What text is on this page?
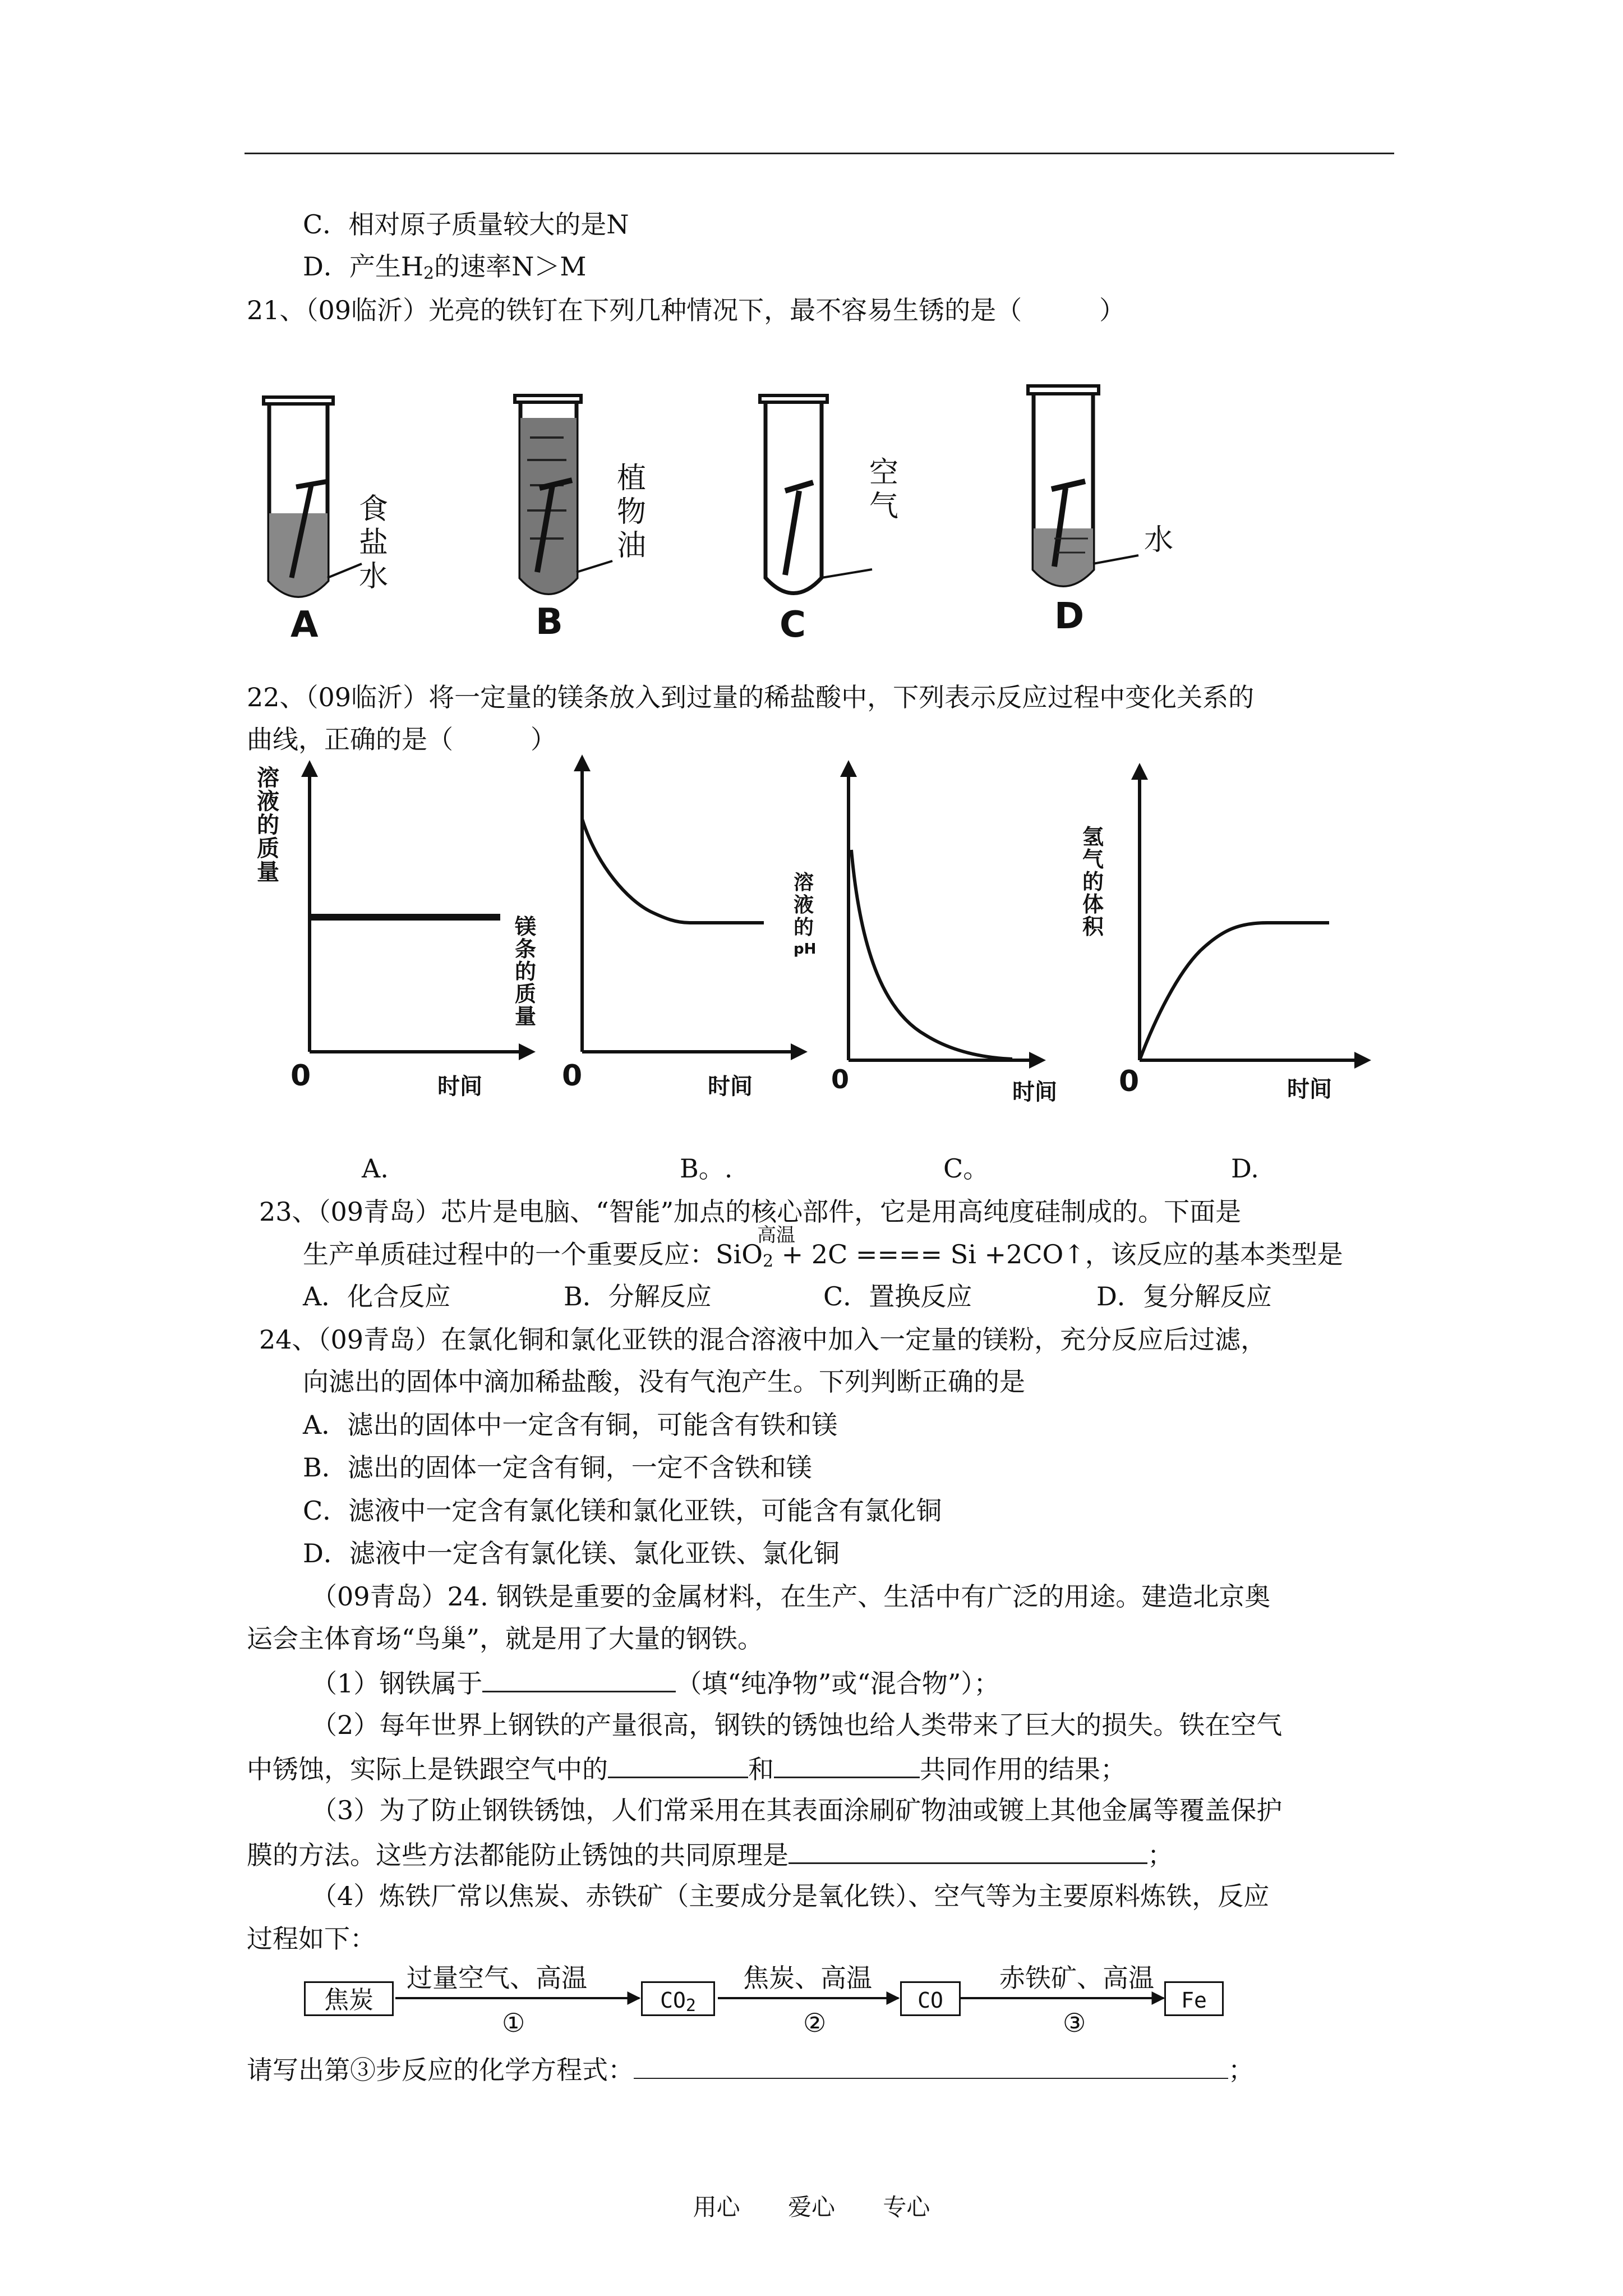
C．相对原子质量较大的是N
D．产生$H_2$的速率N＞M
21、（09临沂）光亮的铁钉在下列几种情况下，最不容易生锈的是（　　　）
食
盐
水
A
植
物
油
B
空
气
C
水
D
22、（09临沂）将一定量的镁条放入到过量的稀盐酸中，下列表示反应过程中变化关系的
曲线，正确的是（　　　）
溶
液
的
质
量
0	时间
镁
条
的
质
量
0	时间
溶
液
的
pH
0	时间
氢
气
的
体
积
0	时间
A.	B。.	C。	D.
23、（09青岛）芯片是电脑、“智能”加点的核心部件，它是用高纯度硅制成的。下面是
高温
生产单质硅过程中的一个重要反应：SiO$_2$ + 2C ==== Si +2CO↑，该反应的基本类型是
A．化合反应	B．分解反应	C．置换反应	D．复分解反应
24、（09青岛）在氯化铜和氯化亚铁的混合溶液中加入一定量的镁粉，充分反应后过滤，
向滤出的固体中滴加稀盐酸，没有气泡产生。下列判断正确的是
A．滤出的固体中一定含有铜，可能含有铁和镁
B．滤出的固体一定含有铜，一定不含铁和镁
C．滤液中一定含有氯化镁和氯化亚铁，可能含有氯化铜
D．滤液中一定含有氯化镁、氯化亚铁、氯化铜
（09青岛）24. 钢铁是重要的金属材料，在生产、生活中有广泛的用途。建造北京奥
运会主体育场“鸟巢”，就是用了大量的钢铁。
（1）钢铁属于	（填“纯净物”或“混合物”）；
（2）每年世界上钢铁的产量很高，钢铁的锈蚀也给人类带来了巨大的损失。铁在空气
中锈蚀，实际上是铁跟空气中的	和	共同作用的结果；
（3）为了防止钢铁锈蚀，人们常采用在其表面涂刷矿物油或镀上其他金属等覆盖保护
膜的方法。这些方法都能防止锈蚀的共同原理是	；
（4）炼铁厂常以焦炭、赤铁矿（主要成分是氧化铁）、空气等为主要原料炼铁，反应
过程如下：
焦炭	$CO_2$	CO	Fe
过量空气、高温
①
焦炭、高温
②
赤铁矿、高温
③
请写出第③步反应的化学方程式：	；
用心 爱心 专心
